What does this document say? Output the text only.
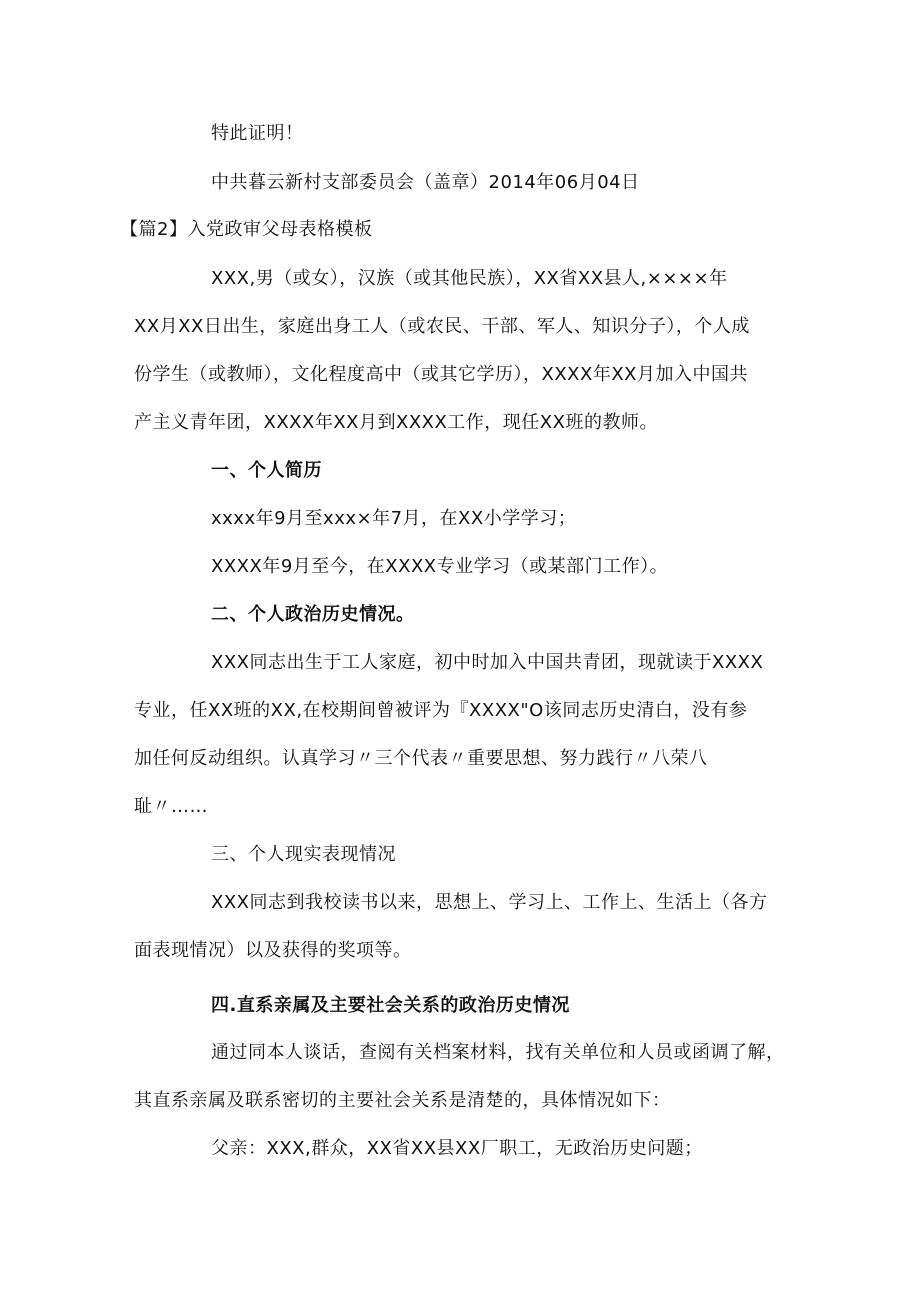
特此证明！
中共暮云新村支部委员会（盖章）2014年06月04日
【篇2】入党政审父母表格模板
XXX,男（或女），汉族（或其他民族），XX省XX县人,××××年
XX月XX日出生，家庭出身工人（或农民、干部、军人、知识分子），个人成
份学生（或教师），文化程度高中（或其它学历），XXXX年XX月加入中国共
产主义青年团，XXXX年XX月到XXXX工作，现任XX班的教师。
一、个人简历
xxxx年9月至xxx×年7月，在XX小学学习；
XXXX年9月至今，在XXXX专业学习（或某部门工作）。
二、个人政治历史情况。
XXX同志出生于工人家庭，初中时加入中国共青团，现就读于XXXX
专业，任XX班的XX,在校期间曾被评为『XXXX"O该同志历史清白，没有参
加任何反动组织。认真学习〃三个代表〃重要思想、努力践行〃八荣八
耻〃……
三、个人现实表现情况
XXX同志到我校读书以来，思想上、学习上、工作上、生活上（各方
面表现情况）以及获得的奖项等。
四.直系亲属及主要社会关系的政治历史情况
通过同本人谈话，查阅有关档案材料，找有关单位和人员或函调了解，
其直系亲属及联系密切的主要社会关系是清楚的，具体情况如下：
父亲：XXX,群众，XX省XX县XX厂职工，无政治历史问题；
